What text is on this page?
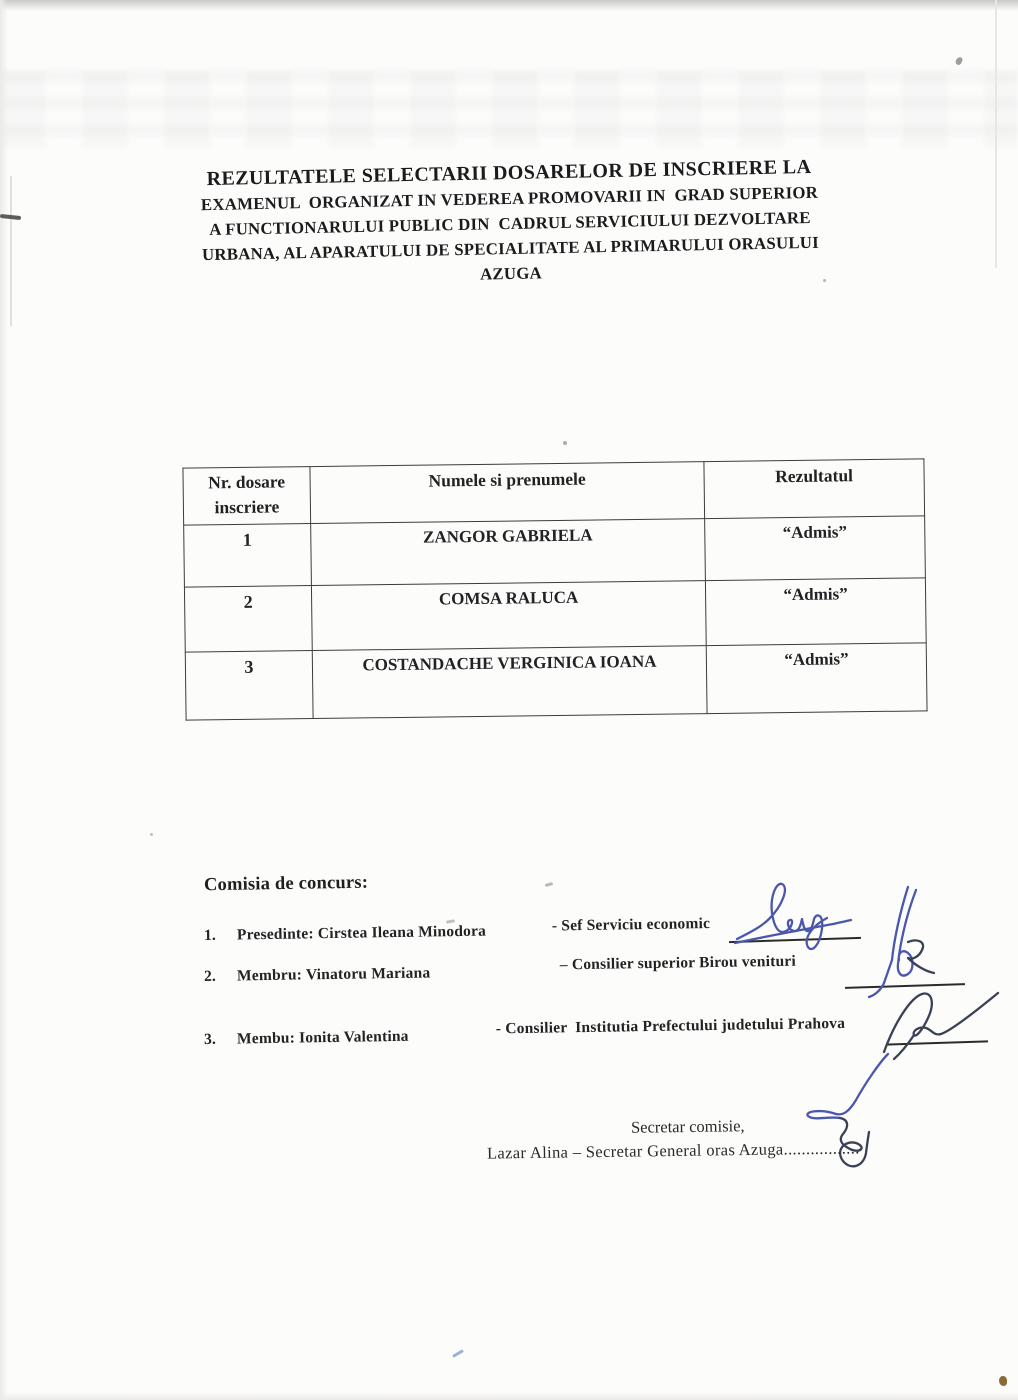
REZULTATELE SELECTARII DOSARELOR DE INSCRIERE LA
EXAMENUL  ORGANIZAT IN VEDEREA PROMOVARII IN  GRAD SUPERIOR
A FUNCTIONARULUI PUBLIC DIN  CADRUL SERVICIULUI DEZVOLTARE
URBANA, AL APARATULUI DE SPECIALITATE AL PRIMARULUI ORASULUI
AZUGA
Nr. dosare inscriere	Numele si prenumele	Rezultatul
1	ZANGOR GABRIELA	“Admis”
2	COMSA RALUCA	“Admis”
3	COSTANDACHE VERGINICA IOANA	“Admis”
Comisia de concurs:
1. Presedinte: Cirstea Ileana Minodora	- Sef Serviciu economic
2. Membru: Vinatoru Mariana
– Consilier superior Birou venituri
3. Membu: Ionita Valentina
- Consilier  Institutia Prefectului judetului Prahova
Secretar comisie,
Lazar Alina – Secretar General oras Azuga.................
